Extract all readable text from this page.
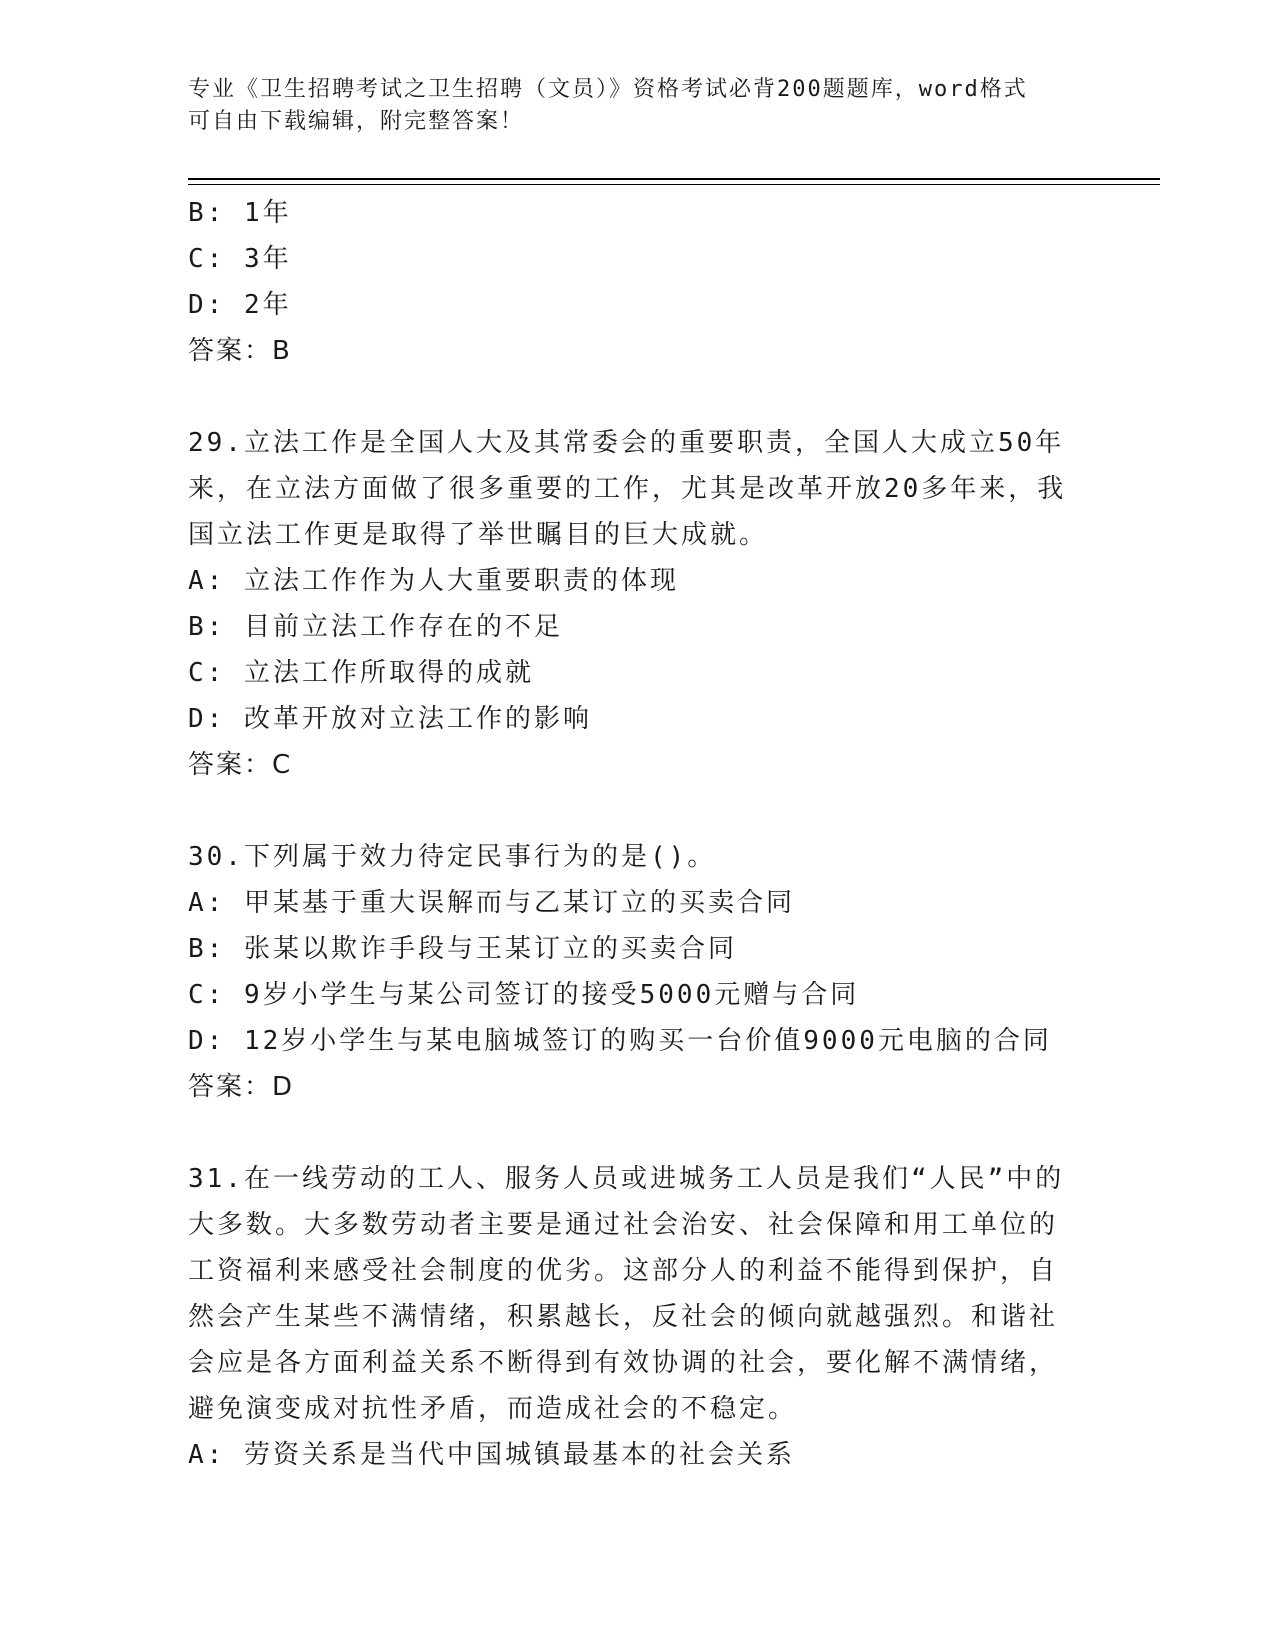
专业《卫生招聘考试之卫生招聘（文员）》资格考试必背200题题库，word格式
可自由下载编辑，附完整答案！
B: 1年
C: 3年
D: 2年
答案：B
29.立法工作是全国人大及其常委会的重要职责，全国人大成立50年
来，在立法方面做了很多重要的工作，尤其是改革开放20多年来，我
国立法工作更是取得了举世瞩目的巨大成就。
A: 立法工作作为人大重要职责的体现
B: 目前立法工作存在的不足
C: 立法工作所取得的成就
D: 改革开放对立法工作的影响
答案：C
30.下列属于效力待定民事行为的是()。
A: 甲某基于重大误解而与乙某订立的买卖合同
B: 张某以欺诈手段与王某订立的买卖合同
C: 9岁小学生与某公司签订的接受5000元赠与合同
D: 12岁小学生与某电脑城签订的购买一台价值9000元电脑的合同
答案：D
31.在一线劳动的工人、服务人员或进城务工人员是我们“人民”中的
大多数。大多数劳动者主要是通过社会治安、社会保障和用工单位的
工资福利来感受社会制度的优劣。这部分人的利益不能得到保护，自
然会产生某些不满情绪，积累越长，反社会的倾向就越强烈。和谐社
会应是各方面利益关系不断得到有效协调的社会，要化解不满情绪，
避免演变成对抗性矛盾，而造成社会的不稳定。
A: 劳资关系是当代中国城镇最基本的社会关系
